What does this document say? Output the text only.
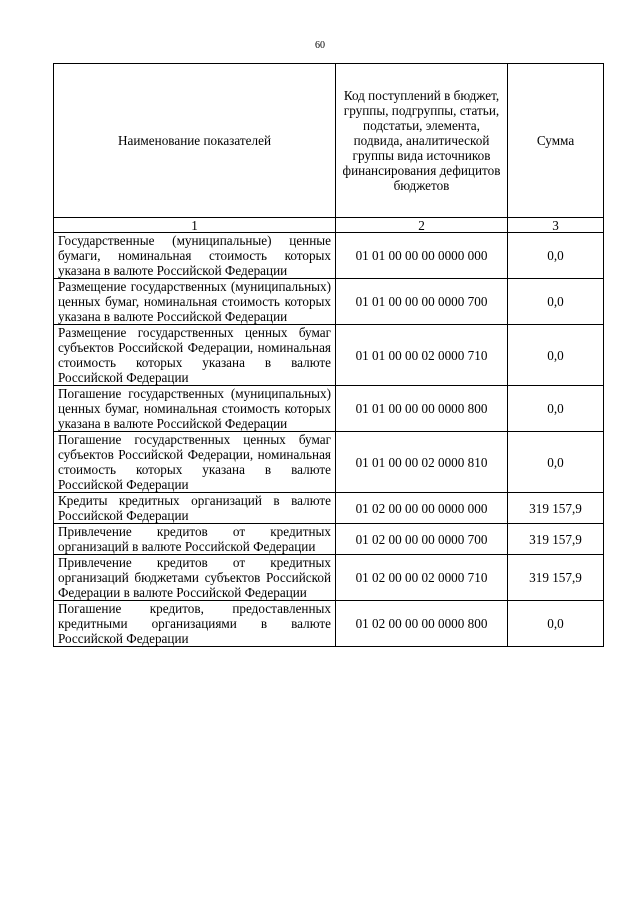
60
Наименование показателей	Код поступлений в бюджет, группы, подгруппы, статьи, подстатьи, элемента, подвида, аналитической группы вида источников финансирования дефицитов бюджетов	Сумма
1	2	3
Государственные (муниципальные) ценные бумаги, номинальная стоимость которых указана в валюте Российской Федерации	01 01 00 00 00 0000 000	0,0
Размещение государственных (муниципальных) ценных бумаг, номинальная стоимость которых указана в валюте Российской Федерации	01 01 00 00 00 0000 700	0,0
Размещение государственных ценных бумаг субъектов Российской Федерации, номинальная стоимость которых указана в валюте Российской Федерации	01 01 00 00 02 0000 710	0,0
Погашение государственных (муниципальных) ценных бумаг, номинальная стоимость которых указана в валюте Российской Федерации	01 01 00 00 00 0000 800	0,0
Погашение государственных ценных бумаг субъектов Российской Федерации, номинальная стоимость которых указана в валюте Российской Федерации	01 01 00 00 02 0000 810	0,0
Кредиты кредитных организаций в валюте Российской Федерации	01 02 00 00 00 0000 000	319 157,9
Привлечение кредитов от кредитных организаций в валюте Российской Федерации	01 02 00 00 00 0000 700	319 157,9
Привлечение кредитов от кредитных организаций бюджетами субъектов Российской Федерации в валюте Российской Федерации	01 02 00 00 02 0000 710	319 157,9
Погашение кредитов, предоставленных кредитными организациями в валюте Российской Федерации	01 02 00 00 00 0000 800	0,0
